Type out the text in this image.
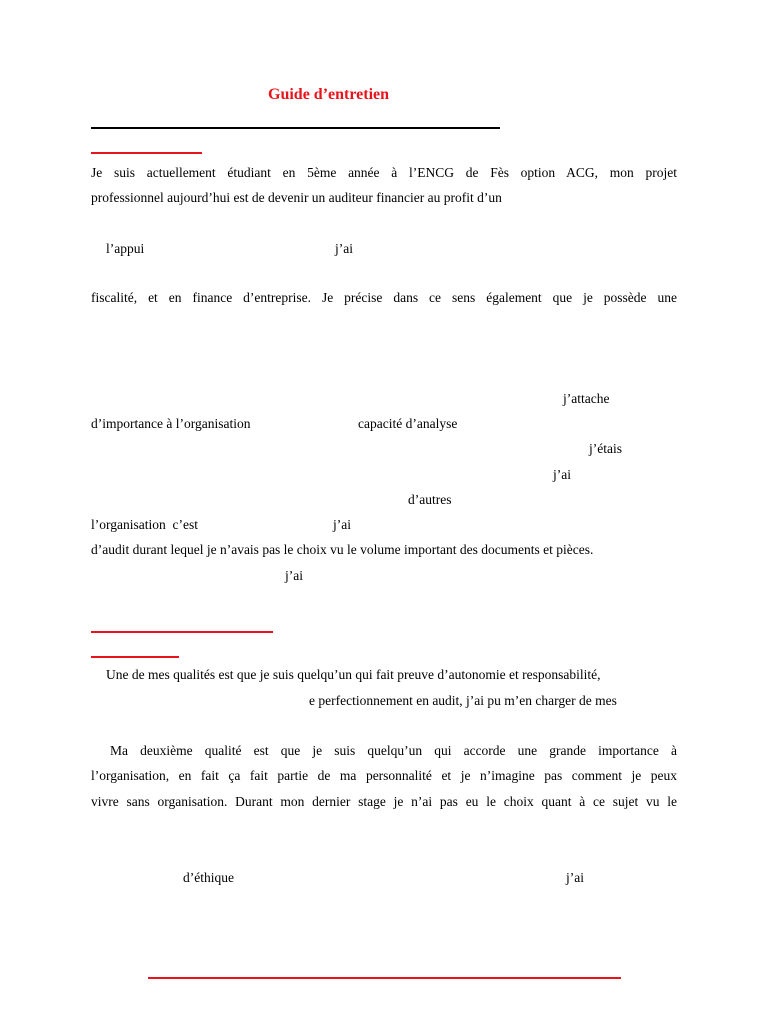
Guide d’entretien
Je suis actuellement étudiant en 5ème année à l’ENCG de Fès option ACG, mon projet
professionnel aujourd’hui est de devenir un auditeur financier au profit d’un
l’appui	j’ai
fiscalité, et en finance d’entreprise. Je précise dans ce sens également que je possède une
j’attache
d’importance à l’organisation	capacité d’analyse
j’étais
j’ai
d’autres
l’organisation  c’est	j’ai
d’audit durant lequel je n’avais pas le choix vu le volume important des documents et pièces.
j’ai
Une de mes qualités est que je suis quelqu’un qui fait preuve d’autonomie et responsabilité,
e perfectionnement en audit, j’ai pu m’en charger de mes
Ma deuxième qualité est que je suis quelqu’un qui accorde une grande importance à
l’organisation, en fait ça fait partie de ma personnalité et je n’imagine pas comment je peux
vivre sans organisation. Durant mon dernier stage je n’ai pas eu le choix quant à ce sujet vu le
d’éthique	j’ai
